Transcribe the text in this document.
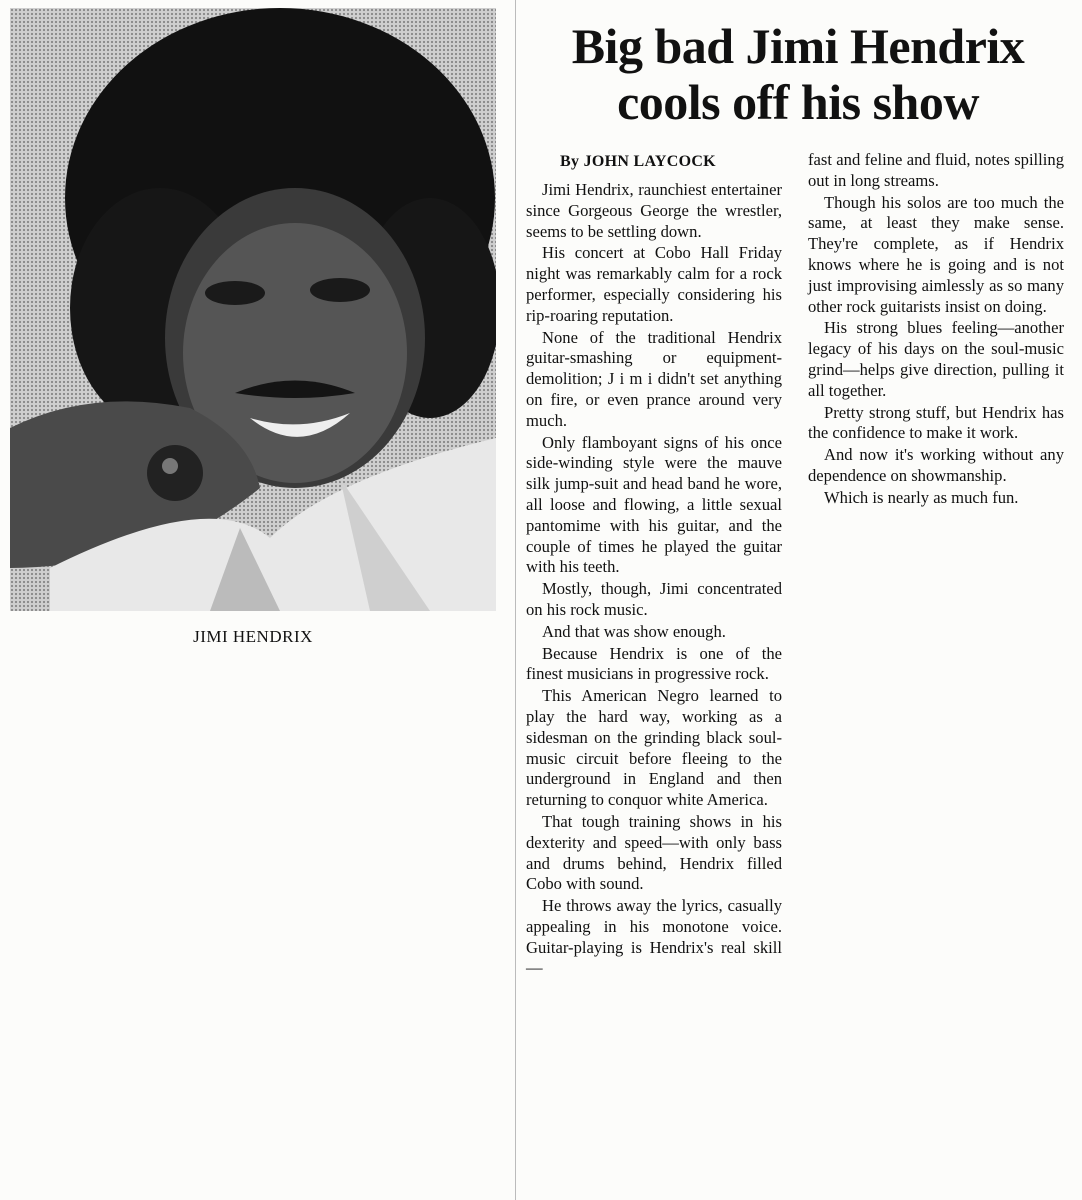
JIMI HENDRIX
Big bad Jimi Hendrix cools off his show
By JOHN LAYCOCK

Jimi Hendrix, raunchiest entertainer since Gorgeous George the wrestler, seems to be settling down.

His concert at Cobo Hall Friday night was remarkably calm for a rock performer, especially considering his rip-roaring reputation.

None of the traditional Hendrix guitar-smashing or equipment-demolition; J i m i didn't set anything on fire, or even prance around very much.

Only flamboyant signs of his once side-winding style were the mauve silk jump-suit and head band he wore, all loose and flowing, a little sexual pantomime with his guitar, and the couple of times he played the guitar with his teeth.

Mostly, though, Jimi concentrated on his rock music.

And that was show enough.

Because Hendrix is one of the finest musicians in progressive rock.

This American Negro learned to play the hard way, working as a sidesman on the grinding black soul-music circuit before fleeing to the underground in England and then returning to conquor white America.

That tough training shows in his dexterity and speed—with only bass and drums behind, Hendrix filled Cobo with sound.

He throws away the lyrics, casually appealing in his monotone voice. Guitar-playing is Hendrix's real skill—

fast and feline and fluid, notes spilling out in long streams.

Though his solos are too much the same, at least they make sense. They're complete, as if Hendrix knows where he is going and is not just improvising aimlessly as so many other rock guitarists insist on doing.

His strong blues feeling—another legacy of his days on the soul-music grind—helps give direction, pulling it all together.

Pretty strong stuff, but Hendrix has the confidence to make it work.

And now it's working without any dependence on showmanship.

Which is nearly as much fun.
